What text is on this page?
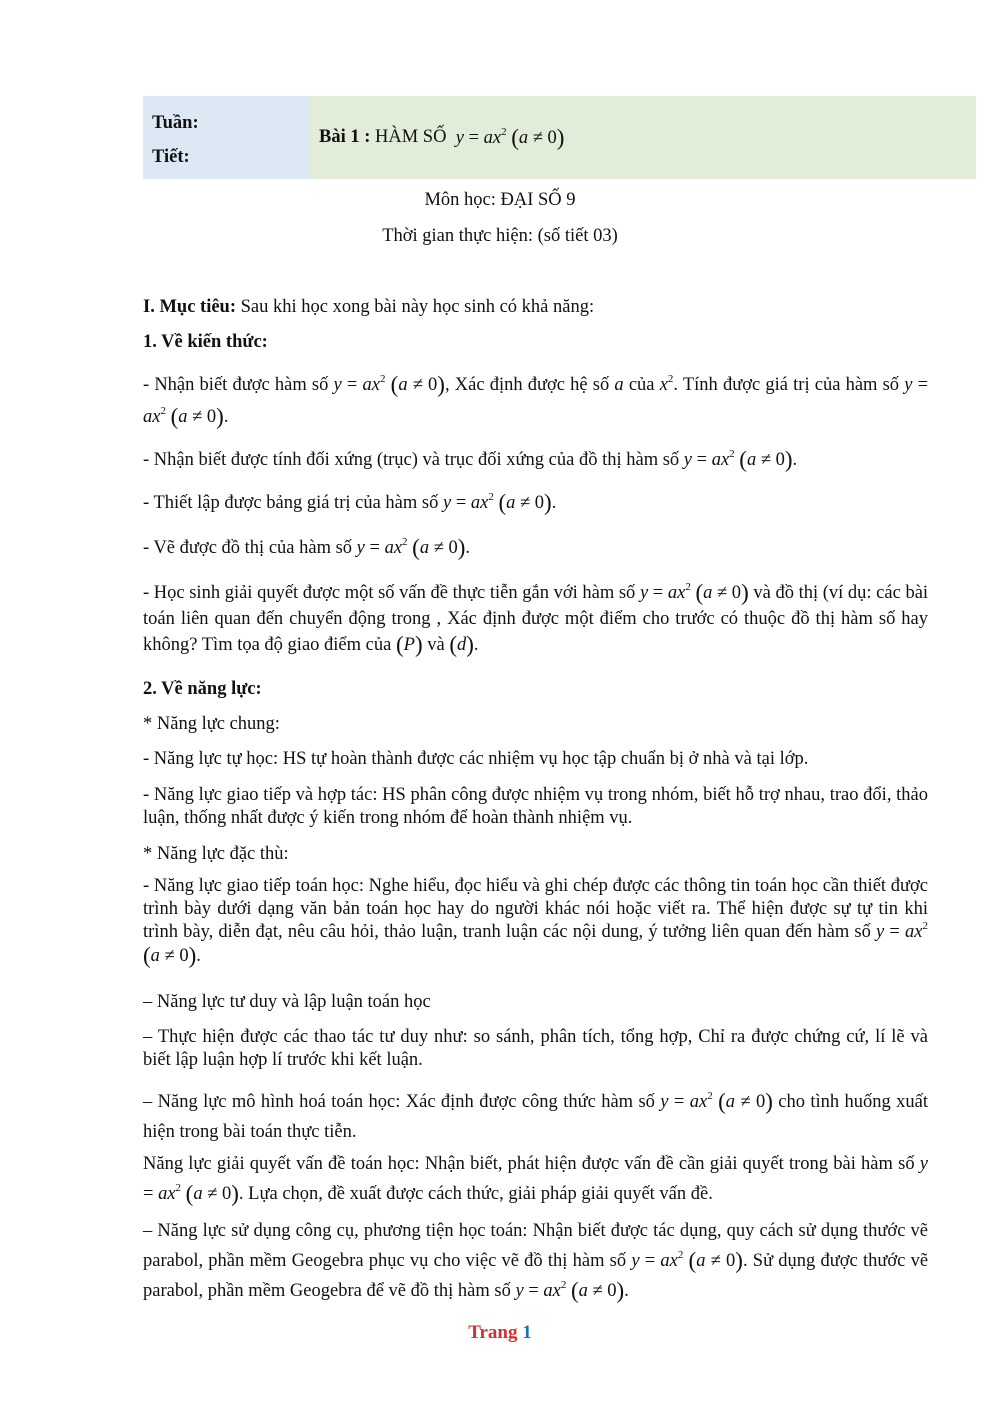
Tuần:
Tiết:
Bài 1 :
HÀM SỐ
$y = ax^2$ (a ≠ 0)
Môn học: ĐẠI SỐ 9
Thời gian thực hiện: (số tiết 03)
I. Mục tiêu: Sau khi học xong bài này học sinh có khả năng:
1. Về kiến thức:
- Nhận biết được hàm số $y = ax^2$ (a ≠ 0), Xác định được hệ số a của $x^2$. Tính được giá trị của hàm số $y = ax^2$ (a ≠ 0).
- Nhận biết được tính đối xứng (trục) và trục đối xứng của đồ thị hàm số $y = ax^2$ (a ≠ 0).
- Thiết lập được bảng giá trị của hàm số $y = ax^2$ (a ≠ 0).
- Vẽ được đồ thị của hàm số $y = ax^2$ (a ≠ 0).
- Học sinh giải quyết được một số vấn đề thực tiễn gắn với hàm số $y = ax^2$ (a ≠ 0) và đồ thị (ví dụ: các bài toán liên quan đến chuyển động trong , Xác định được một điểm cho trước có thuộc đồ thị hàm số hay không? Tìm tọa độ giao điểm của (P) và (d).
2. Về năng lực:
* Năng lực chung:
- Năng lực tự học: HS tự hoàn thành được các nhiệm vụ học tập chuẩn bị ở nhà và tại lớp.
- Năng lực giao tiếp và hợp tác: HS phân công được nhiệm vụ trong nhóm, biết hỗ trợ nhau, trao đổi, thảo luận, thống nhất được ý kiến trong nhóm để hoàn thành nhiệm vụ.
* Năng lực đặc thù:
- Năng lực giao tiếp toán học: Nghe hiểu, đọc hiểu và ghi chép được các thông tin toán học cần thiết được trình bày dưới dạng văn bản toán học hay do người khác nói hoặc viết ra. Thể hiện được sự tự tin khi trình bày, diễn đạt, nêu câu hỏi, thảo luận, tranh luận các nội dung, ý tưởng liên quan đến hàm số $y = ax^2$ (a ≠ 0).
– Năng lực tư duy và lập luận toán học
– Thực hiện được các thao tác tư duy như: so sánh, phân tích, tổng hợp, Chỉ ra được chứng cứ, lí lẽ và biết lập luận hợp lí trước khi kết luận.
– Năng lực mô hình hoá toán học: Xác định được công thức hàm số $y = ax^2$ (a ≠ 0) cho tình huống xuất hiện trong bài toán thực tiễn.
Năng lực giải quyết vấn đề toán học: Nhận biết, phát hiện được vấn đề cần giải quyết trong bài hàm số $y = ax^2$ (a ≠ 0). Lựa chọn, đề xuất được cách thức, giải pháp giải quyết vấn đề.
– Năng lực sử dụng công cụ, phương tiện học toán: Nhận biết được tác dụng, quy cách sử dụng thước vẽ parabol, phần mềm Geogebra phục vụ cho việc vẽ đồ thị hàm số $y = ax^2$ (a ≠ 0). Sử dụng được thước vẽ parabol, phần mềm Geogebra để vẽ đồ thị hàm số $y = ax^2$ (a ≠ 0).
Trang 1
